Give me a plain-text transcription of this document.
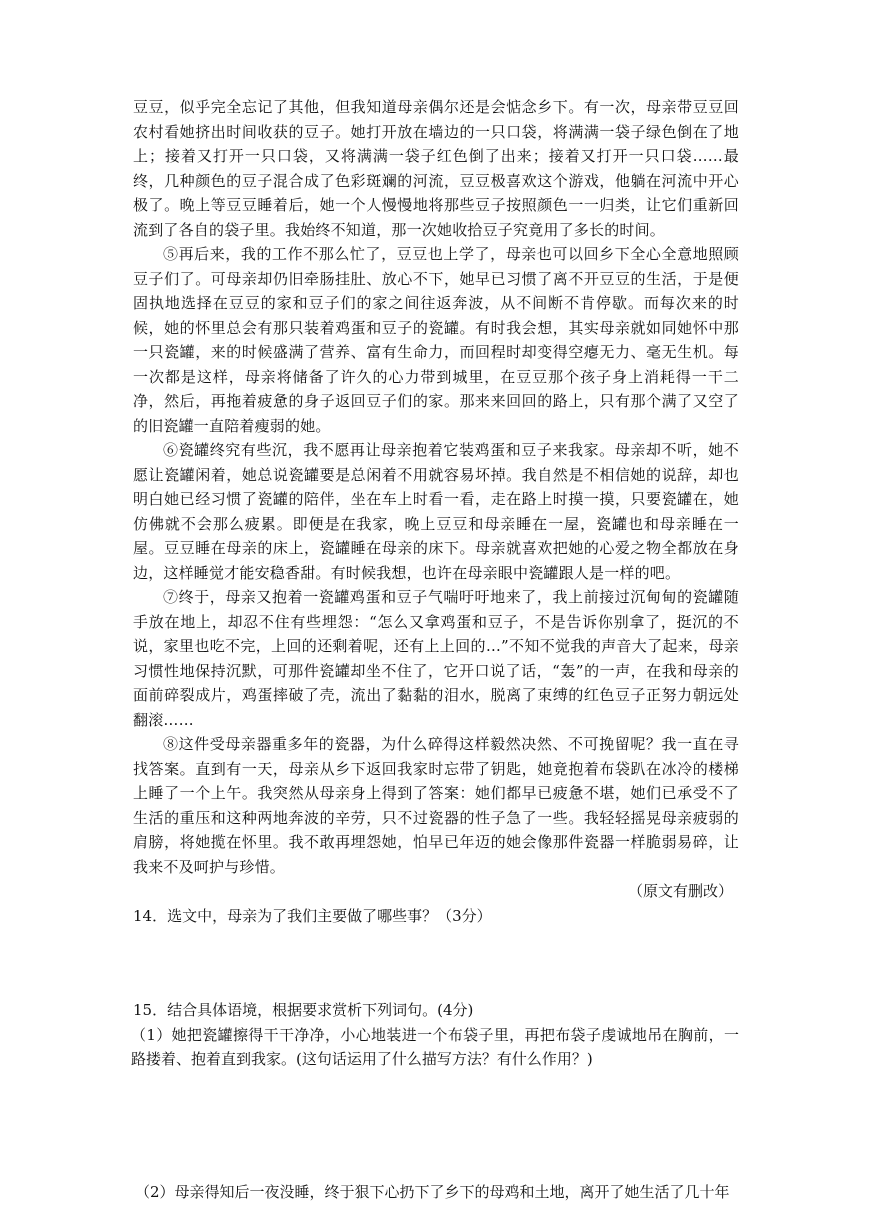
豆豆，似乎完全忘记了其他，但我知道母亲偶尔还是会惦念乡下。有一次，母亲带豆豆回农村看她挤出时间收获的豆子。她打开放在墙边的一只口袋，将满满一袋子绿色倒在了地上；接着又打开一只口袋，又将满满一袋子红色倒了出来；接着又打开一只口袋……最终，几种颜色的豆子混合成了色彩斑斓的河流，豆豆极喜欢这个游戏，他躺在河流中开心极了。晚上等豆豆睡着后，她一个人慢慢地将那些豆子按照颜色一一归类，让它们重新回流到了各自的袋子里。我始终不知道，那一次她收拾豆子究竟用了多长的时间。

⑤再后来，我的工作不那么忙了，豆豆也上学了，母亲也可以回乡下全心全意地照顾豆子们了。可母亲却仍旧牵肠挂肚、放心不下，她早已习惯了离不开豆豆的生活，于是便固执地选择在豆豆的家和豆子们的家之间往返奔波，从不间断不肯停歇。而每次来的时候，她的怀里总会有那只装着鸡蛋和豆子的瓷罐。有时我会想，其实母亲就如同她怀中那一只瓷罐，来的时候盛满了营养、富有生命力，而回程时却变得空瘪无力、毫无生机。每一次都是这样，母亲将储备了许久的心力带到城里，在豆豆那个孩子身上消耗得一干二净，然后，再拖着疲惫的身子返回豆子们的家。那来来回回的路上，只有那个满了又空了的旧瓷罐一直陪着瘦弱的她。

⑥瓷罐终究有些沉，我不愿再让母亲抱着它装鸡蛋和豆子来我家。母亲却不听，她不愿让瓷罐闲着，她总说瓷罐要是总闲着不用就容易坏掉。我自然是不相信她的说辞，却也明白她已经习惯了瓷罐的陪伴，坐在车上时看一看，走在路上时摸一摸，只要瓷罐在，她仿佛就不会那么疲累。即便是在我家，晚上豆豆和母亲睡在一屋，瓷罐也和母亲睡在一屋。豆豆睡在母亲的床上，瓷罐睡在母亲的床下。母亲就喜欢把她的心爱之物全都放在身边，这样睡觉才能安稳香甜。有时候我想，也许在母亲眼中瓷罐跟人是一样的吧。

⑦终于，母亲又抱着一瓷罐鸡蛋和豆子气喘吁吁地来了，我上前接过沉甸甸的瓷罐随手放在地上，却忍不住有些埋怨：“怎么又拿鸡蛋和豆子，不是告诉你别拿了，挺沉的不说，家里也吃不完，上回的还剩着呢，还有上上回的…”不知不觉我的声音大了起来，母亲习惯性地保持沉默，可那件瓷罐却坐不住了，它开口说了话，“轰”的一声，在我和母亲的面前碎裂成片，鸡蛋摔破了壳，流出了黏黏的泪水，脱离了束缚的红色豆子正努力朝远处翻滚……

⑧这件受母亲器重多年的瓷器，为什么碎得这样毅然决然、不可挽留呢？我一直在寻找答案。直到有一天，母亲从乡下返回我家时忘带了钥匙，她竟抱着布袋趴在冰冷的楼梯上睡了一个上午。我突然从母亲身上得到了答案：她们都早已疲惫不堪，她们已承受不了生活的重压和这种两地奔波的辛劳，只不过瓷器的性子急了一些。我轻轻摇晃母亲疲弱的肩膀，将她揽在怀里。我不敢再埋怨她，怕早已年迈的她会像那件瓷器一样脆弱易碎，让我来不及呵护与珍惜。

（原文有删改）

14．选文中，母亲为了我们主要做了哪些事？（3分）

15．结合具体语境，根据要求赏析下列词句。(4分)

（1）她把瓷罐擦得干干净净，小心地装进一个布袋子里，再把布袋子虔诚地吊在胸前，一路搂着、抱着直到我家。(这句话运用了什么描写方法？有什么作用？)

（2）母亲得知后一夜没睡，终于狠下心扔下了乡下的母鸡和土地，离开了她生活了几十年
